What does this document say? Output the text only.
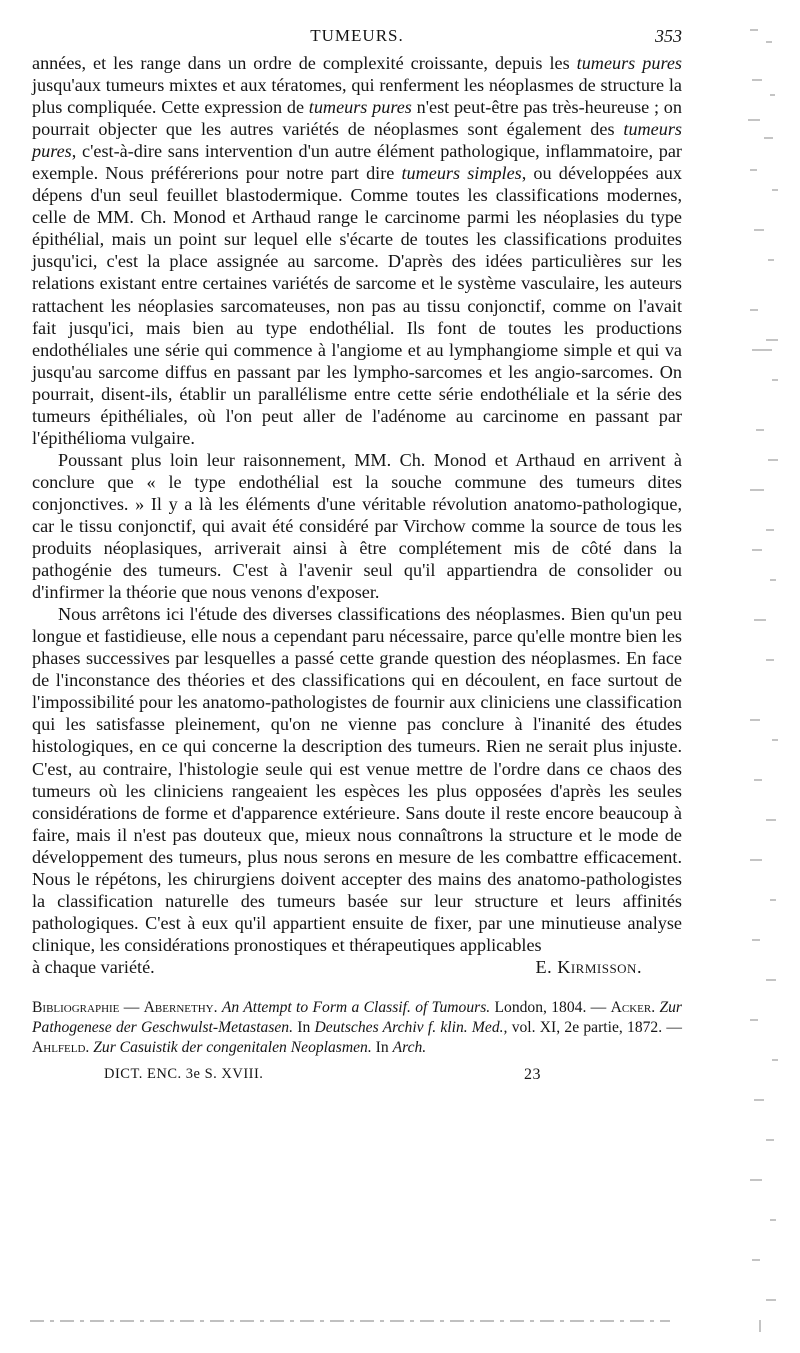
TUMEURS.	353

années, et les range dans un ordre de complexité croissante, depuis les tumeurs pures jusqu'aux tumeurs mixtes et aux tératomes, qui renferment les néoplasmes de structure la plus compliquée. Cette expression de tumeurs pures n'est peut-être pas très-heureuse ; on pourrait objecter que les autres variétés de néoplasmes sont également des tumeurs pures, c'est-à-dire sans intervention d'un autre élément pathologique, inflammatoire, par exemple. Nous préférerions pour notre part dire tumeurs simples, ou développées aux dépens d'un seul feuillet blastodermique. Comme toutes les classifications modernes, celle de MM. Ch. Monod et Arthaud range le carcinome parmi les néoplasies du type épithélial, mais un point sur lequel elle s'écarte de toutes les classifications produites jusqu'ici, c'est la place assignée au sarcome. D'après des idées particulières sur les relations existant entre certaines variétés de sarcome et le système vasculaire, les auteurs rattachent les néoplasies sarcomateuses, non pas au tissu conjonctif, comme on l'avait fait jusqu'ici, mais bien au type endothélial. Ils font de toutes les productions endothéliales une série qui commence à l'angiome et au lymphangiome simple et qui va jusqu'au sarcome diffus en passant par les lympho-sarcomes et les angio-sarcomes. On pourrait, disent-ils, établir un parallélisme entre cette série endothéliale et la série des tumeurs épithéliales, où l'on peut aller de l'adénome au carcinome en passant par l'épithélioma vulgaire.

Poussant plus loin leur raisonnement, MM. Ch. Monod et Arthaud en arrivent à conclure que « le type endothélial est la souche commune des tumeurs dites conjonctives. » Il y a là les éléments d'une véritable révolution anatomo-pathologique, car le tissu conjonctif, qui avait été considéré par Virchow comme la source de tous les produits néoplasiques, arriverait ainsi à être complétement mis de côté dans la pathogénie des tumeurs. C'est à l'avenir seul qu'il appartiendra de consolider ou d'infirmer la théorie que nous venons d'exposer.

Nous arrêtons ici l'étude des diverses classifications des néoplasmes. Bien qu'un peu longue et fastidieuse, elle nous a cependant paru nécessaire, parce qu'elle montre bien les phases successives par lesquelles a passé cette grande question des néoplasmes. En face de l'inconstance des théories et des classifications qui en découlent, en face surtout de l'impossibilité pour les anatomo-pathologistes de fournir aux cliniciens une classification qui les satisfasse pleinement, qu'on ne vienne pas conclure à l'inanité des études histologiques, en ce qui concerne la description des tumeurs. Rien ne serait plus injuste. C'est, au contraire, l'histologie seule qui est venue mettre de l'ordre dans ce chaos des tumeurs où les cliniciens rangeaient les espèces les plus opposées d'après les seules considérations de forme et d'apparence extérieure. Sans doute il reste encore beaucoup à faire, mais il n'est pas douteux que, mieux nous connaîtrons la structure et le mode de développement des tumeurs, plus nous serons en mesure de les combattre efficacement. Nous le répétons, les chirurgiens doivent accepter des mains des anatomo-pathologistes la classification naturelle des tumeurs basée sur leur structure et leurs affinités pathologiques. C'est à eux qu'il appartient ensuite de fixer, par une minutieuse analyse clinique, les considérations pronostiques et thérapeutiques applicables

à chaque variété.	E. Kirmisson.
Bibliographie — Abernethy. An Attempt to Form a Classif. of Tumours. London, 1804. — Acker. Zur Pathogenese der Geschwulst-Metastasen. In Deutsches Archiv f. klin. Med., vol. XI, 2e partie, 1872. — Ahlfeld. Zur Casuistik der congenitalen Neoplasmen. In Arch.
DICT. ENC. 3e S. XVIII.	23
